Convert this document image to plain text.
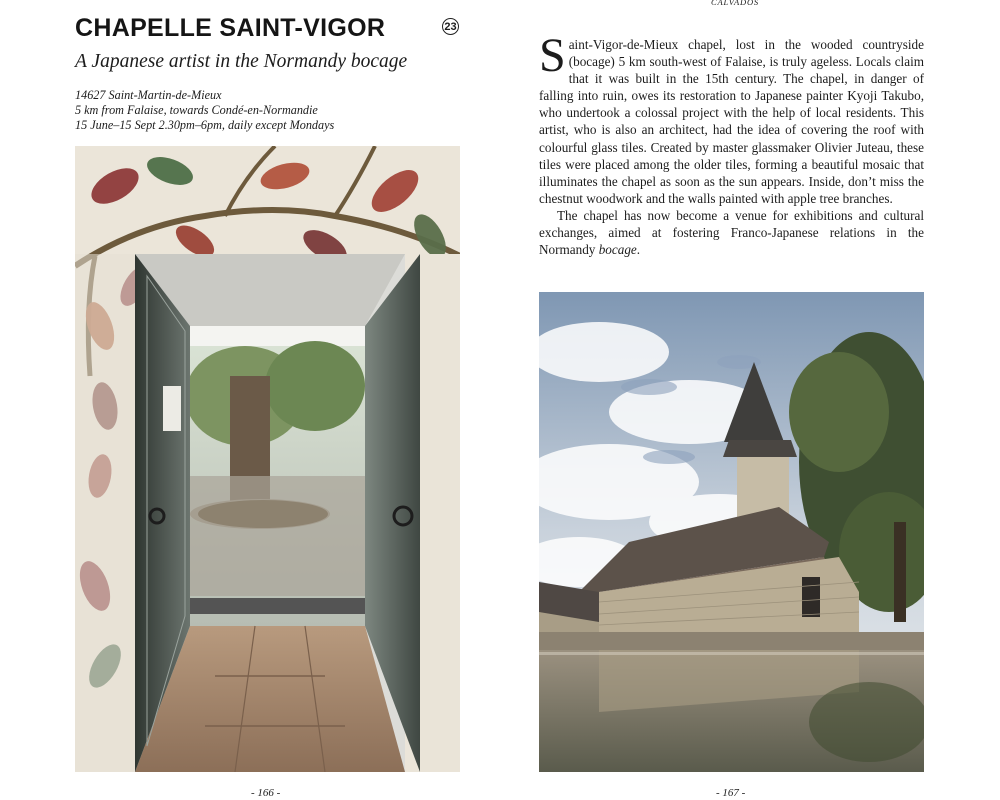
CHAPELLE SAINT-VIGOR	23
A Japanese artist in the Normandy bocage
14627 Saint-Martin-de-Mieux
5 km from Falaise, towards Condé-en-Normandie
15 June–15 Sept 2.30pm–6pm, daily except Mondays
- 166 -
CALVADOS

Saint-Vigor-de-Mieux chapel, lost in the wooded countryside (bocage) 5 km south-west of Falaise, is truly ageless. Locals claim that it was built in the 15th century. The chapel, in danger of falling into ruin, owes its restoration to Japanese painter Kyoji Takubo, who undertook a colossal project with the help of local residents. This artist, who is also an architect, had the idea of covering the roof with colourful glass tiles. Created by master glassmaker Olivier Juteau, these tiles were placed among the older tiles, forming a beautiful mosaic that illuminates the chapel as soon as the sun appears. Inside, don’t miss the chestnut woodwork and the walls painted with apple tree branches.

The chapel has now become a venue for exhibitions and cultural exchanges, aimed at fostering Franco-Japanese relations in the Normandy bocage.

- 167 -
